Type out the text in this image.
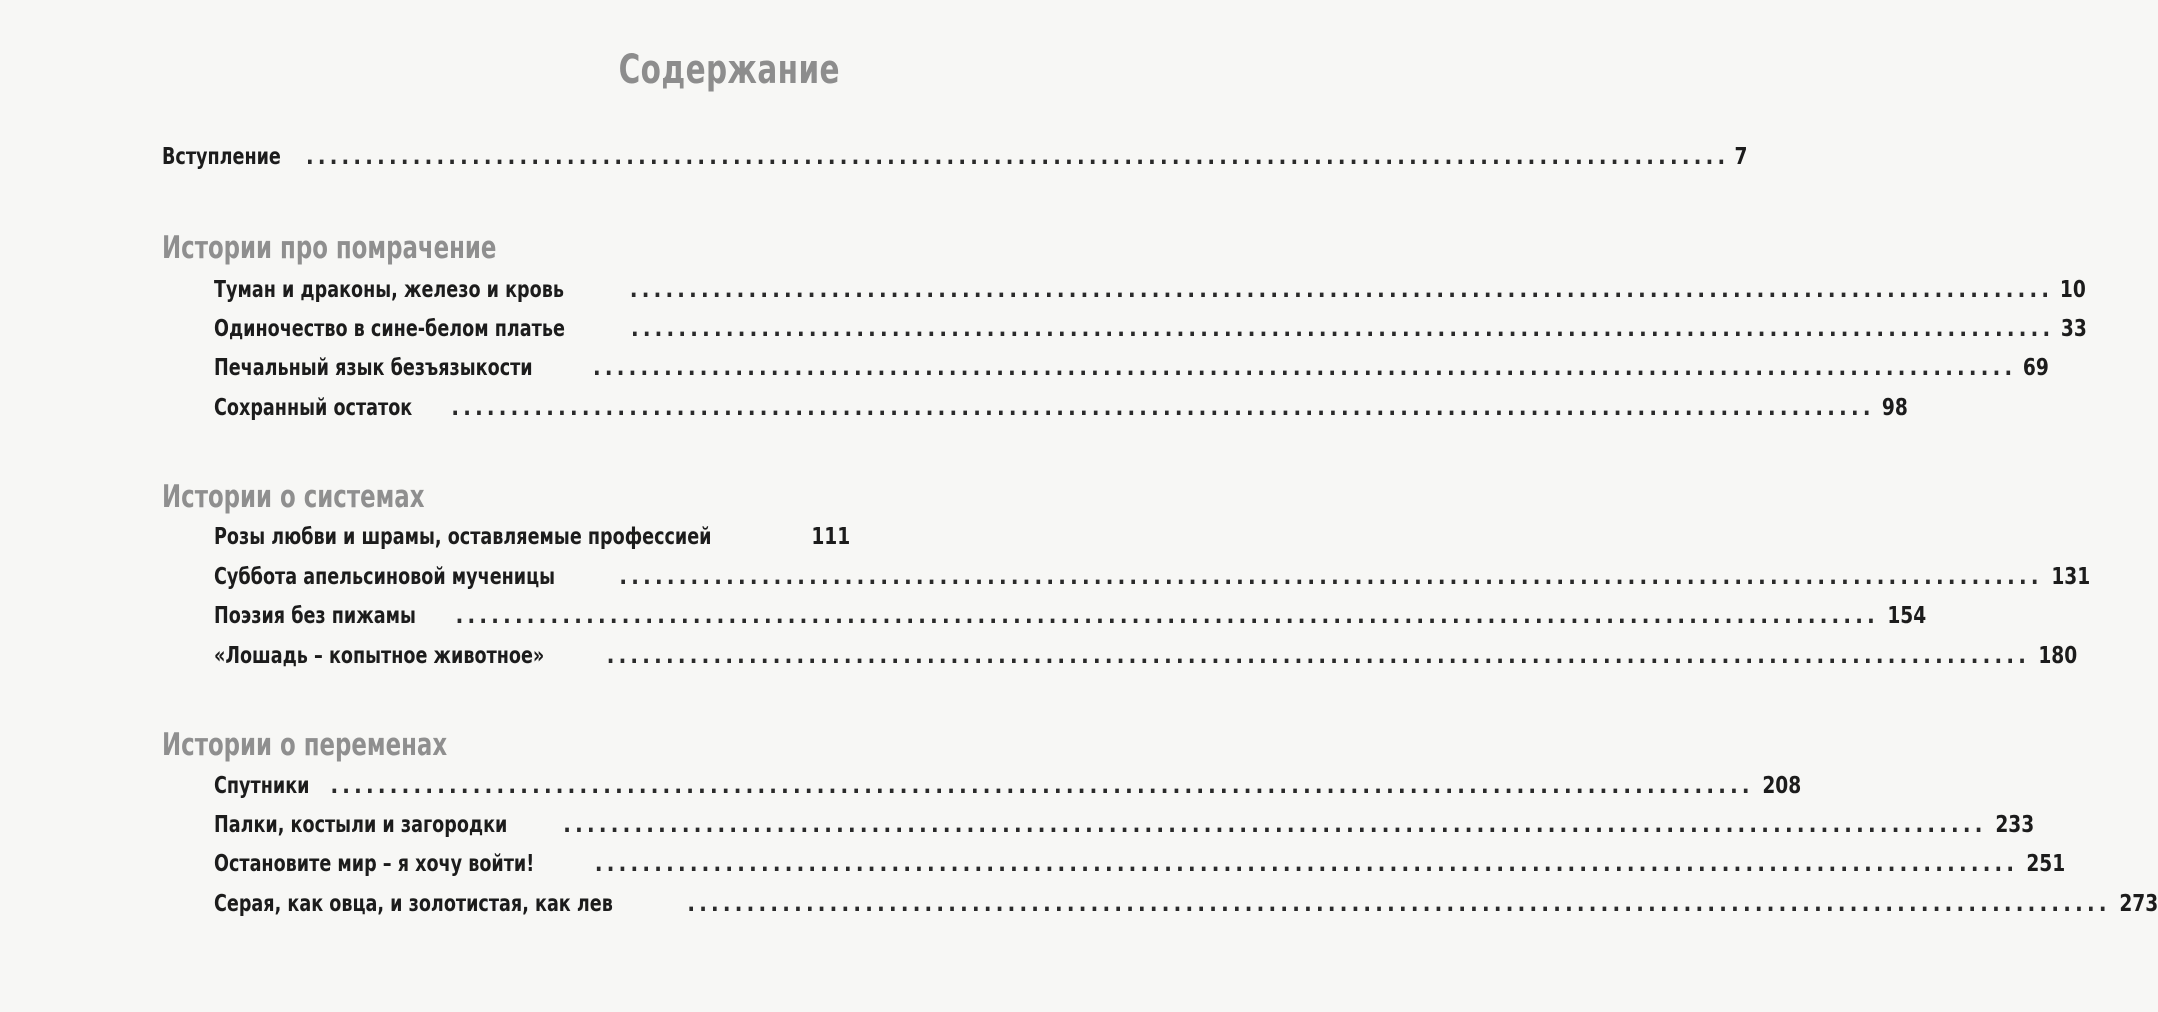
Содержание
Вступление ........................................................................................................................ 7
Истории про помрачение
Туман и драконы, железо и кровь	........................................................................................................................ 10
Одиночество в сине-белом платье	........................................................................................................................ 33
Печальный язык безъязыкости	........................................................................................................................ 69
Сохранный остаток ........................................................................................................................ 98
Истории о системах
Розы любви и шрамы, оставляемые профессией	111
Суббота апельсиновой мученицы	........................................................................................................................ 131
Поэзия без пижамы ........................................................................................................................ 154
«Лошадь – копытное животное»	........................................................................................................................ 180
Истории о переменах
Спутники ........................................................................................................................ 208
Палки, костыли и загородки ........................................................................................................................ 233
Остановите мир – я хочу войти!	........................................................................................................................ 251
Серая, как овца, и золотистая, как лев	........................................................................................................................ 273
